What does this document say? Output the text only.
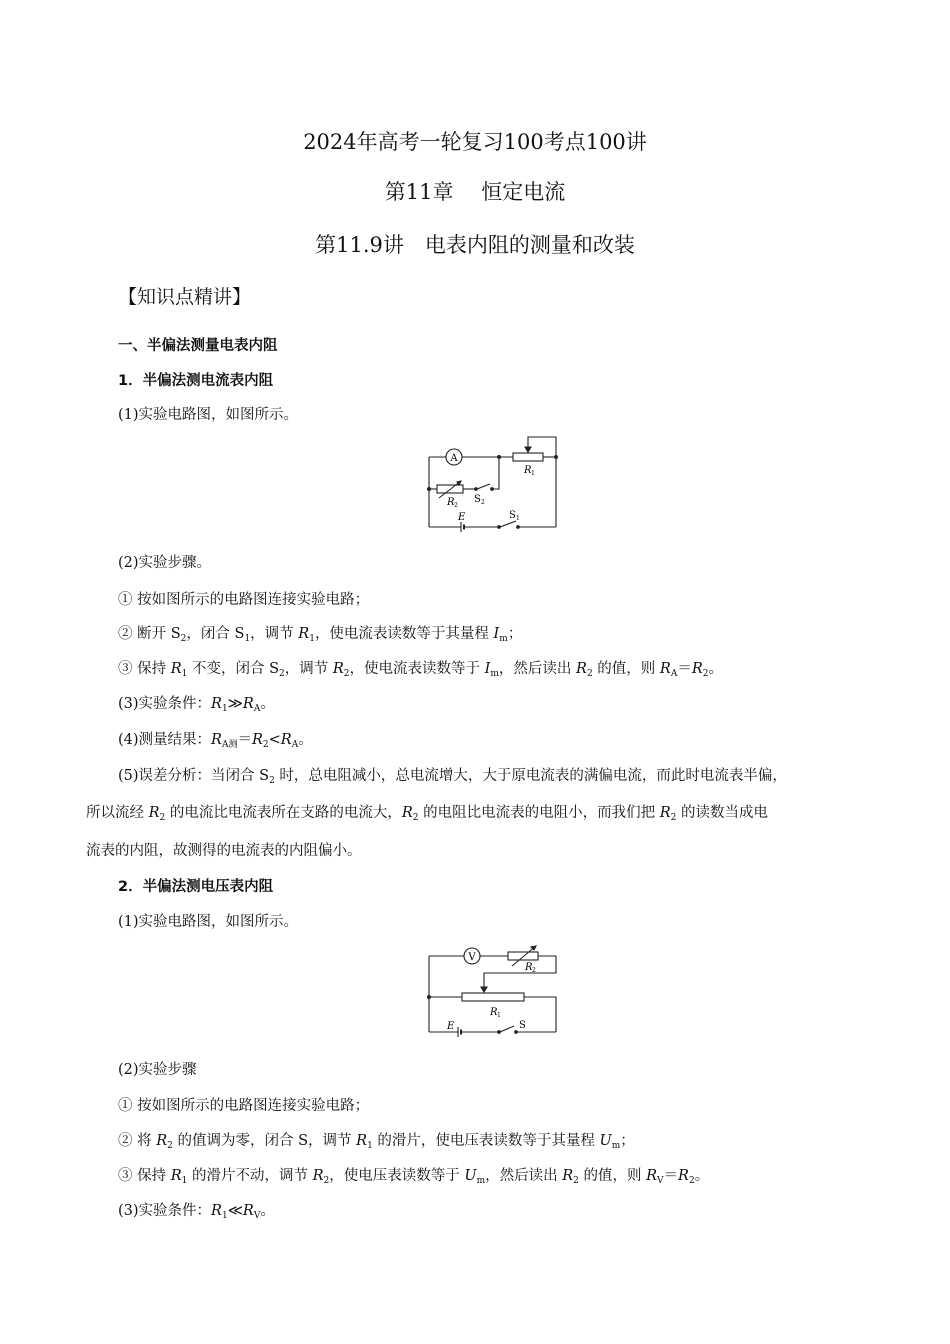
2024年高考一轮复习100考点100讲
第11章　 恒定电流
第11.9讲　电表内阻的测量和改装
【知识点精讲】
一、半偏法测量电表内阻
1．半偏法测电流表内阻
(1)实验电路图，如图所示。
A
R 1
R 2
S 2
E	S 1
(2)实验步骤。
① 按如图所示的电路图连接实验电路；
② 断开 $S_2$，闭合 $S_1$，调节 $R_1$，使电流表读数等于其量程 $I_m$；
③ 保持 $R_1$ 不变，闭合 $S_2$，调节 $R_2$，使电流表读数等于 $I_m$，然后读出 $R_2$ 的值，则 $R_A=R_2$。
(3)实验条件：$R_1≫R_A$。
(4)测量结果：$R_{A测}=R_2<R_A$。
(5)误差分析：当闭合 $S_2$ 时，总电阻减小，总电流增大，大于原电流表的满偏电流，而此时电流表半偏，
所以流经 $R_2$ 的电流比电流表所在支路的电流大，$R_2$ 的电阻比电流表的电阻小，而我们把 $R_2$ 的读数当成电
流表的内阻，故测得的电流表的内阻偏小。
2．半偏法测电压表内阻
(1)实验电路图，如图所示。
V
R 2
R 1
E	S
(2)实验步骤
① 按如图所示的电路图连接实验电路；
② 将 $R_2$ 的值调为零，闭合 S，调节 $R_1$ 的滑片，使电压表读数等于其量程 $U_m$；
③ 保持 $R_1$ 的滑片不动，调节 $R_2$，使电压表读数等于 $U_m$，然后读出 $R_2$ 的值，则 $R_V=R_2$。
(3)实验条件：$R_1≪R_V$。
